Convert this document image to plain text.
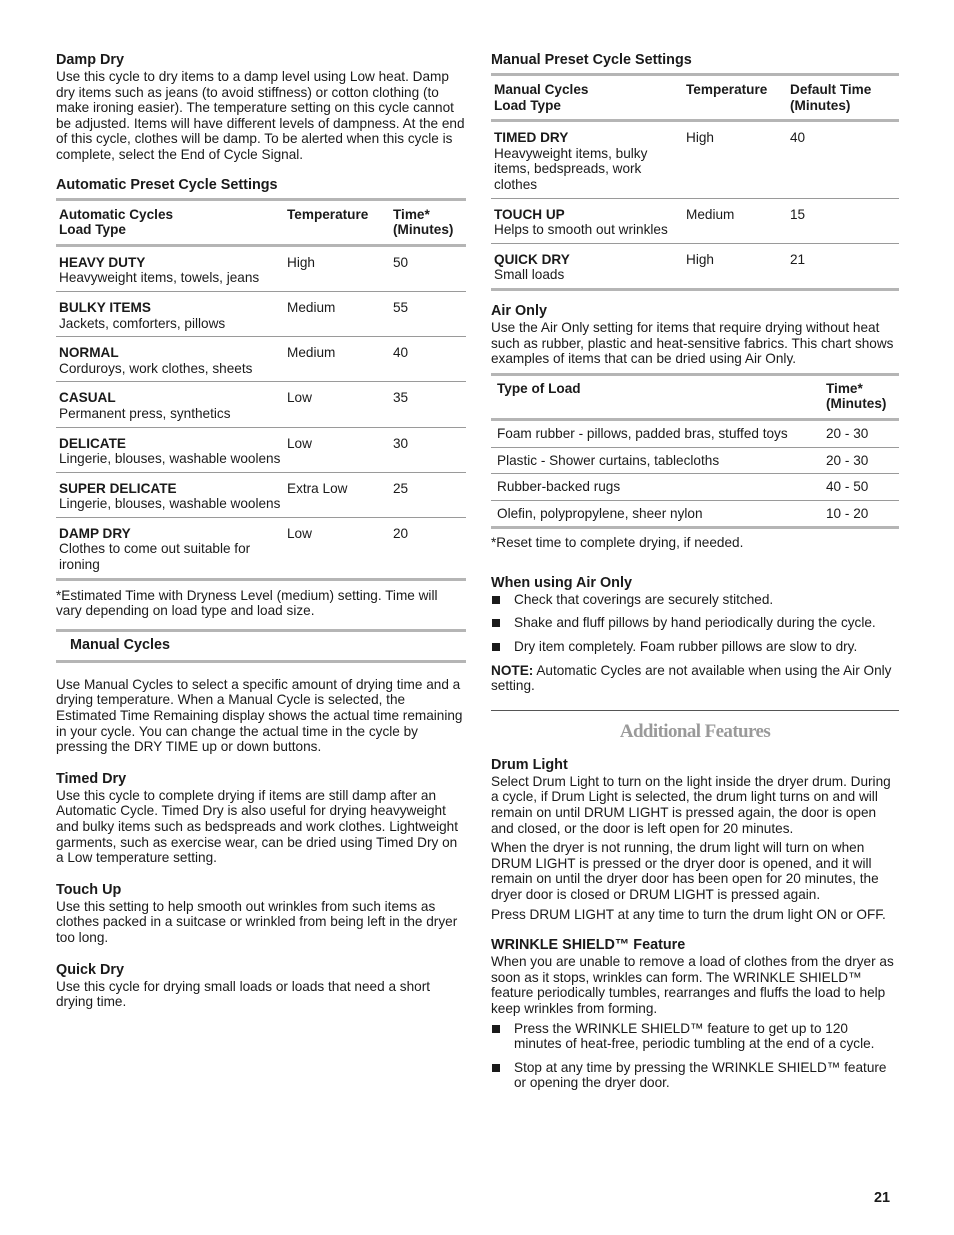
Damp Dry

Use this cycle to dry items to a damp level using Low heat. Damp dry items such as jeans (to avoid stiffness) or cotton clothing (to make ironing easier). The temperature setting on this cycle cannot be adjusted. Items will have different levels of dampness. At the end of this cycle, clothes will be damp. To be alerted when this cycle is complete, select the End of Cycle Signal.

Automatic Preset Cycle Settings
Automatic Cycles
Load Type	Temperature	Time*
(Minutes)

HEAVY DUTY
Heavyweight items, towels, jeans	High	50

BULKY ITEMS
Jackets, comforters, pillows	Medium	55

NORMAL
Corduroys, work clothes, sheets	Medium	40

CASUAL
Permanent press, synthetics	Low	35

DELICATE
Lingerie, blouses, washable woolens	Low	30

SUPER DELICATE
Lingerie, blouses, washable woolens	Extra Low	25

DAMP DRY
Clothes to come out suitable for ironing	Low	20

*Estimated Time with Dryness Level (medium) setting. Time will vary depending on load type and load size.

Manual Cycles

Use Manual Cycles to select a specific amount of drying time and a drying temperature. When a Manual Cycle is selected, the Estimated Time Remaining display shows the actual time remaining in your cycle. You can change the actual time in the cycle by pressing the DRY TIME up or down buttons.

Timed Dry

Use this cycle to complete drying if items are still damp after an Automatic Cycle. Timed Dry is also useful for drying heavyweight and bulky items such as bedspreads and work clothes. Lightweight garments, such as exercise wear, can be dried using Timed Dry on a Low temperature setting.

Touch Up

Use this setting to help smooth out wrinkles from such items as clothes packed in a suitcase or wrinkled from being left in the dryer too long.

Quick Dry

Use this cycle for drying small loads or loads that need a short drying time.

Manual Preset Cycle Settings
Manual Cycles
Load Type	Temperature	Default Time
(Minutes)

TIMED DRY
Heavyweight items, bulky items, bedspreads, work clothes	High	40

TOUCH UP
Helps to smooth out wrinkles	Medium	15

QUICK DRY
Small loads	High	21
Air Only

Use the Air Only setting for items that require drying without heat such as rubber, plastic and heat-sensitive fabrics. This chart shows examples of items that can be dried using Air Only.

Type of Load	Time*
(Minutes)

Foam rubber - pillows, padded bras, stuffed toys	20 - 30
Plastic - Shower curtains, tablecloths	20 - 30
Rubber-backed rugs	40 - 50
Olefin, polypropylene, sheer nylon	10 - 20

*Reset time to complete drying, if needed.

When using Air Only
Check that coverings are securely stitched.
Shake and fluff pillows by hand periodically during the cycle.
Dry item completely. Foam rubber pillows are slow to dry.

NOTE: Automatic Cycles are not available when using the Air Only setting.

Additional Features
Drum Light

Select Drum Light to turn on the light inside the dryer drum. During a cycle, if Drum Light is selected, the drum light turns on and will remain on until DRUM LIGHT is pressed again, the door is open and closed, or the door is left open for 20 minutes.

When the dryer is not running, the drum light will turn on when DRUM LIGHT is pressed or the dryer door is opened, and it will remain on until the dryer door has been open for 20 minutes, the dryer door is closed or DRUM LIGHT is pressed again.

Press DRUM LIGHT at any time to turn the drum light ON or OFF.

WRINKLE SHIELD™ Feature

When you are unable to remove a load of clothes from the dryer as soon as it stops, wrinkles can form. The WRINKLE SHIELD™ feature periodically tumbles, rearranges and fluffs the load to help keep wrinkles from forming.

Press the WRINKLE SHIELD™ feature to get up to 120 minutes of heat-free, periodic tumbling at the end of a cycle.
Stop at any time by pressing the WRINKLE SHIELD™ feature or opening the dryer door.
21
